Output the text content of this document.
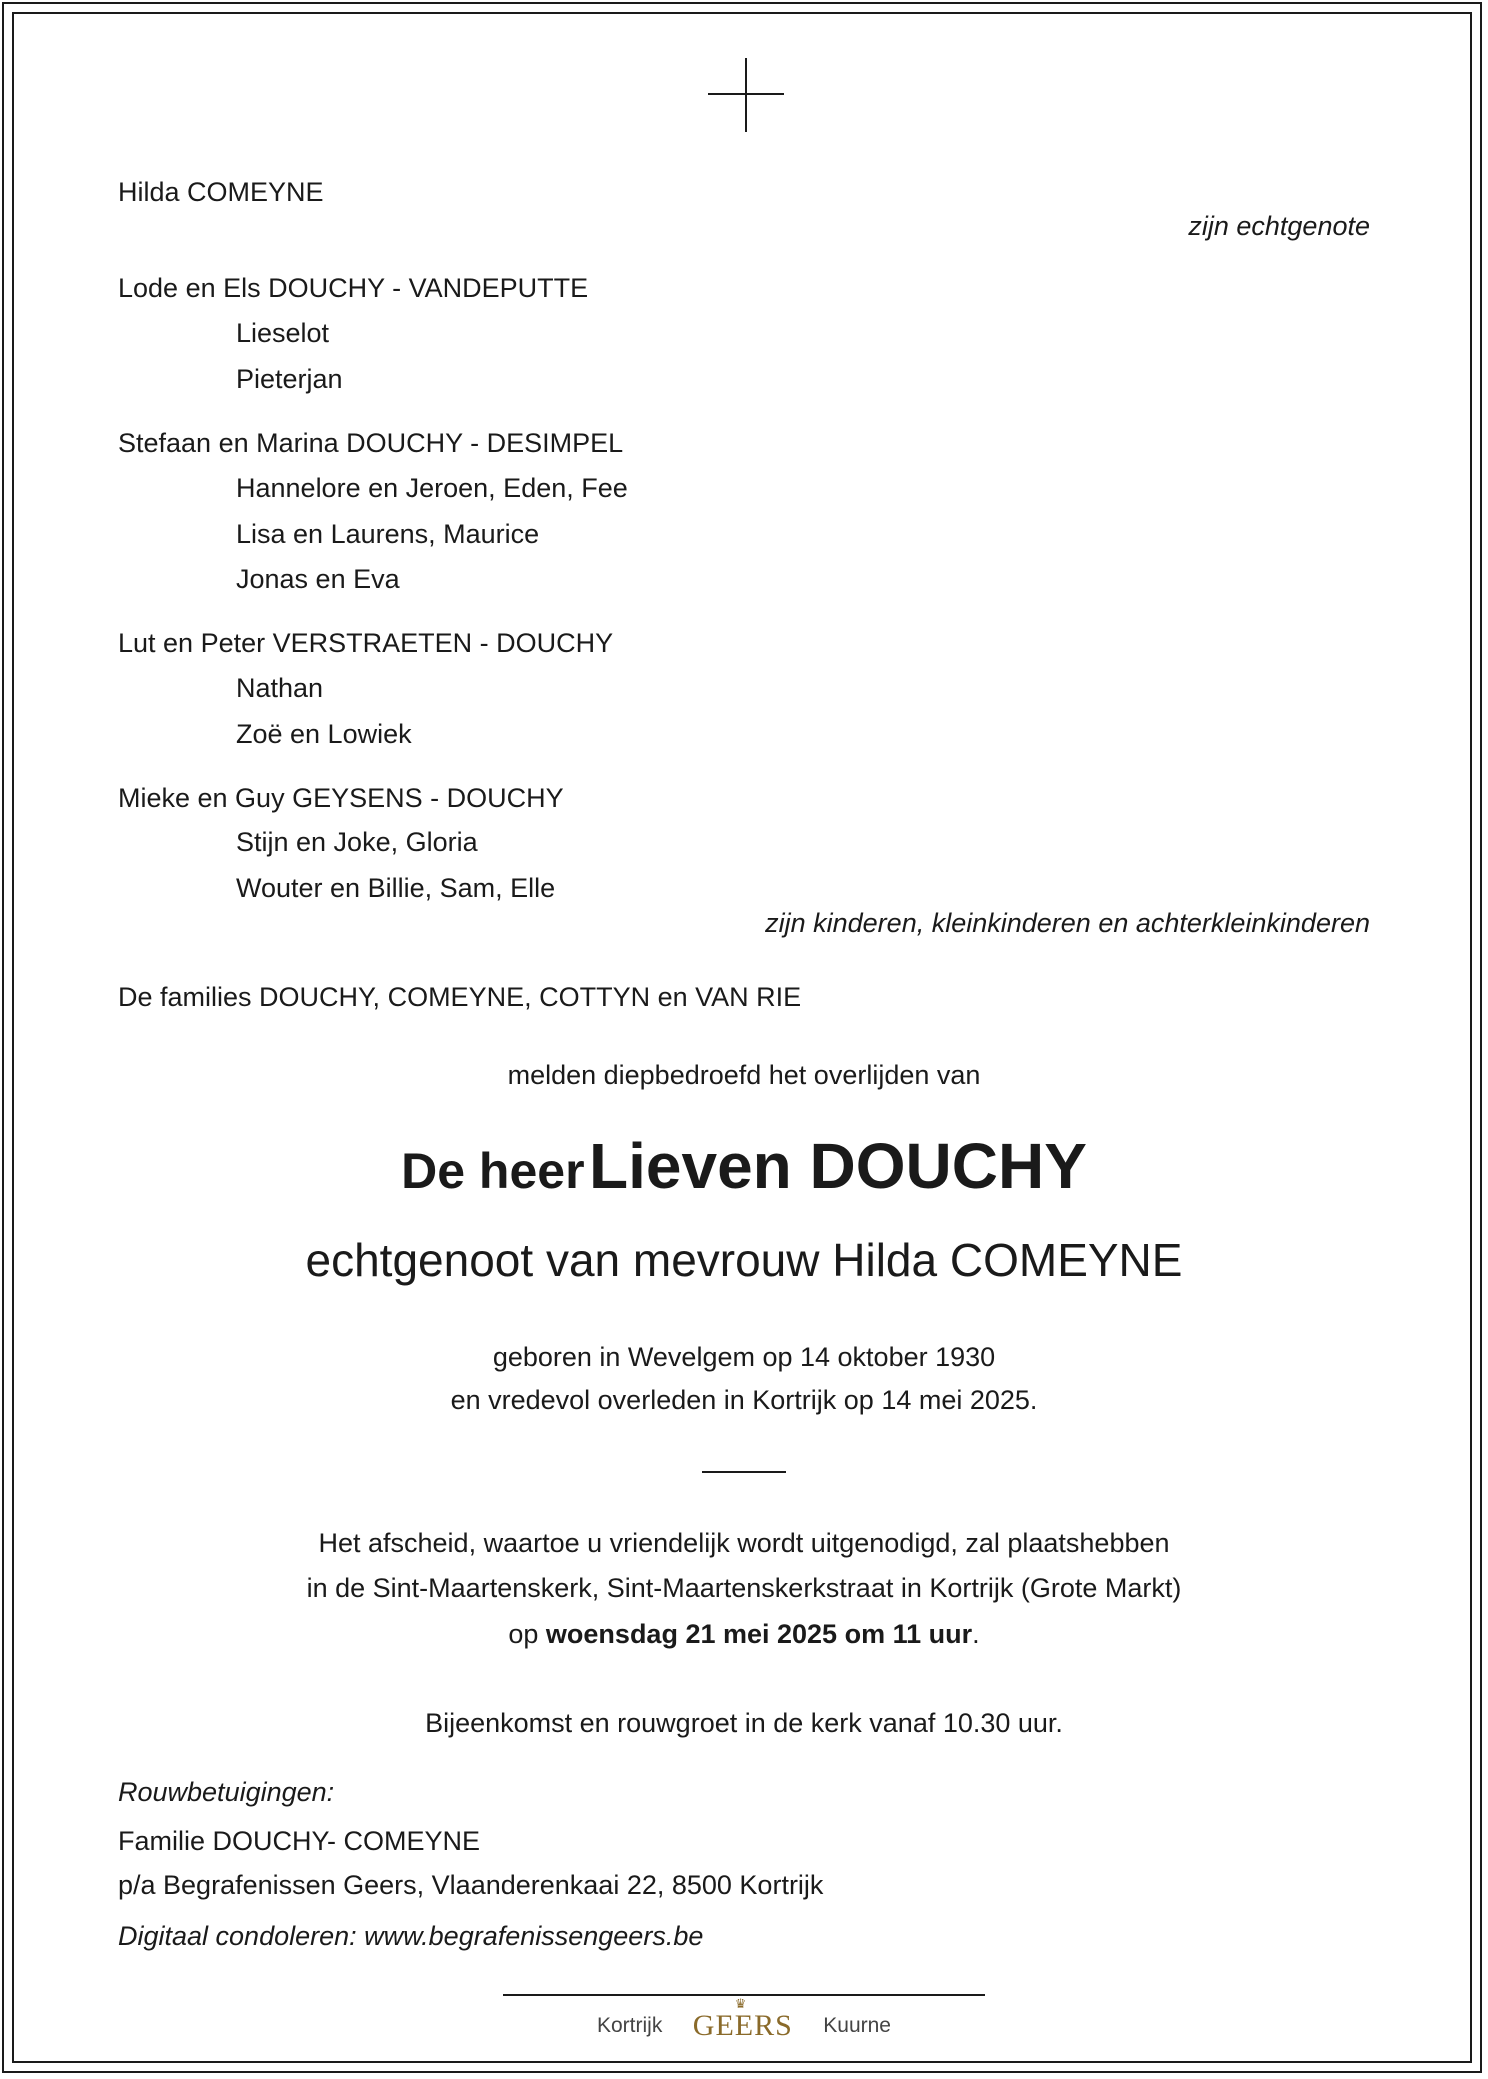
Hilda COMEYNE
zijn echtgenote
Lode en Els DOUCHY - VANDEPUTTE
Lieselot
Pieterjan
Stefaan en Marina DOUCHY - DESIMPEL
Hannelore en Jeroen, Eden, Fee
Lisa en Laurens, Maurice
Jonas en Eva
Lut en Peter VERSTRAETEN - DOUCHY
Nathan
Zoë en Lowiek
Mieke en Guy GEYSENS - DOUCHY
Stijn en Joke, Gloria
Wouter en Billie, Sam, Elle
zijn kinderen, kleinkinderen en achterkleinkinderen
De families DOUCHY, COMEYNE, COTTYN en VAN RIE
melden diepbedroefd het overlijden van
De heer Lieven DOUCHY
echtgenoot van mevrouw Hilda COMEYNE
geboren in Wevelgem op 14 oktober 1930
en vredevol overleden in Kortrijk op 14 mei 2025.
Het afscheid, waartoe u vriendelijk wordt uitgenodigd, zal plaatshebben
in de Sint-Maartenskerk, Sint-Maartenskerkstraat in Kortrijk (Grote Markt)
op woensdag 21 mei 2025 om 11 uur.
Bijeenkomst en rouwgroet in de kerk vanaf 10.30 uur.
Rouwbetuigingen:
Familie DOUCHY- COMEYNE
p/a Begrafenissen Geers, Vlaanderenkaai 22, 8500 Kortrijk
Digitaal condoleren: www.begrafenissengeers.be
Kortrijk
♛
GEERS Kuurne
